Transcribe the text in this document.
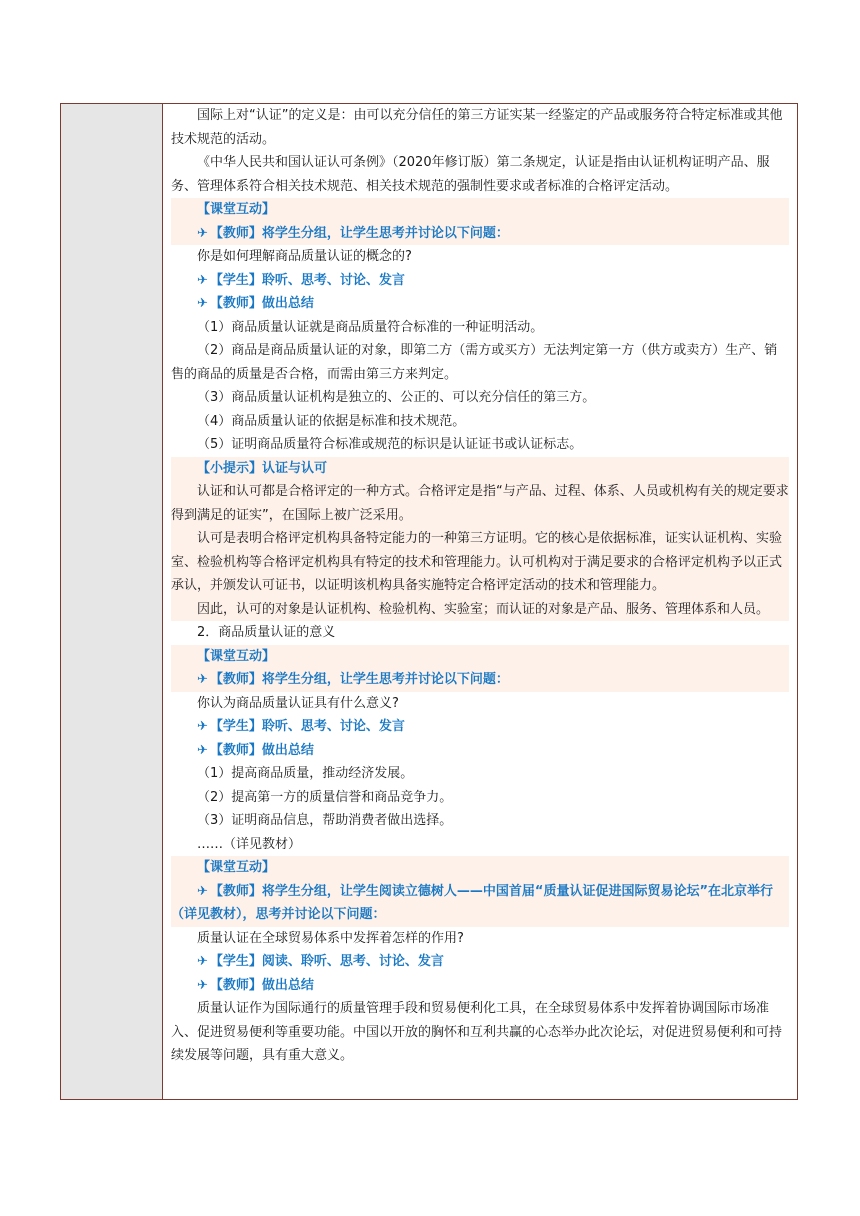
国际上对“认证”的定义是：由可以充分信任的第三方证实某一经鉴定的产品或服务符合特定标准或其他技术规范的活动。

《中华人民共和国认证认可条例》（2020年修订版）第二条规定，认证是指由认证机构证明产品、服务、管理体系符合相关技术规范、相关技术规范的强制性要求或者标准的合格评定活动。

【课堂互动】

✈ 【教师】将学生分组，让学生思考并讨论以下问题：

你是如何理解商品质量认证的概念的?

✈ 【学生】聆听、思考、讨论、发言

✈ 【教师】做出总结

（1）商品质量认证就是商品质量符合标准的一种证明活动。

（2）商品是商品质量认证的对象，即第二方（需方或买方）无法判定第一方（供方或卖方）生产、销售的商品的质量是否合格，而需由第三方来判定。

（3）商品质量认证机构是独立的、公正的、可以充分信任的第三方。

（4）商品质量认证的依据是标准和技术规范。

（5）证明商品质量符合标准或规范的标识是认证证书或认证标志。

【小提示】认证与认可

认证和认可都是合格评定的一种方式。合格评定是指“与产品、过程、体系、人员或机构有关的规定要求得到满足的证实”，在国际上被广泛采用。

认可是表明合格评定机构具备特定能力的一种第三方证明。它的核心是依据标准，证实认证机构、实验室、检验机构等合格评定机构具有特定的技术和管理能力。认可机构对于满足要求的合格评定机构予以正式承认，并颁发认可证书，以证明该机构具备实施特定合格评定活动的技术和管理能力。

因此，认可的对象是认证机构、检验机构、实验室；而认证的对象是产品、服务、管理体系和人员。

2．商品质量认证的意义

【课堂互动】

✈ 【教师】将学生分组，让学生思考并讨论以下问题：

你认为商品质量认证具有什么意义?

✈ 【学生】聆听、思考、讨论、发言

✈ 【教师】做出总结

（1）提高商品质量，推动经济发展。

（2）提高第一方的质量信誉和商品竞争力。

（3）证明商品信息，帮助消费者做出选择。

……（详见教材）

【课堂互动】

✈ 【教师】将学生分组，让学生阅读立德树人——中国首届“质量认证促进国际贸易论坛”在北京举行（详见教材），思考并讨论以下问题：

质量认证在全球贸易体系中发挥着怎样的作用?

✈ 【学生】阅读、聆听、思考、讨论、发言

✈ 【教师】做出总结

质量认证作为国际通行的质量管理手段和贸易便利化工具，在全球贸易体系中发挥着协调国际市场准入、促进贸易便利等重要功能。中国以开放的胸怀和互利共赢的心态举办此次论坛，对促进贸易便利和可持续发展等问题，具有重大意义。
